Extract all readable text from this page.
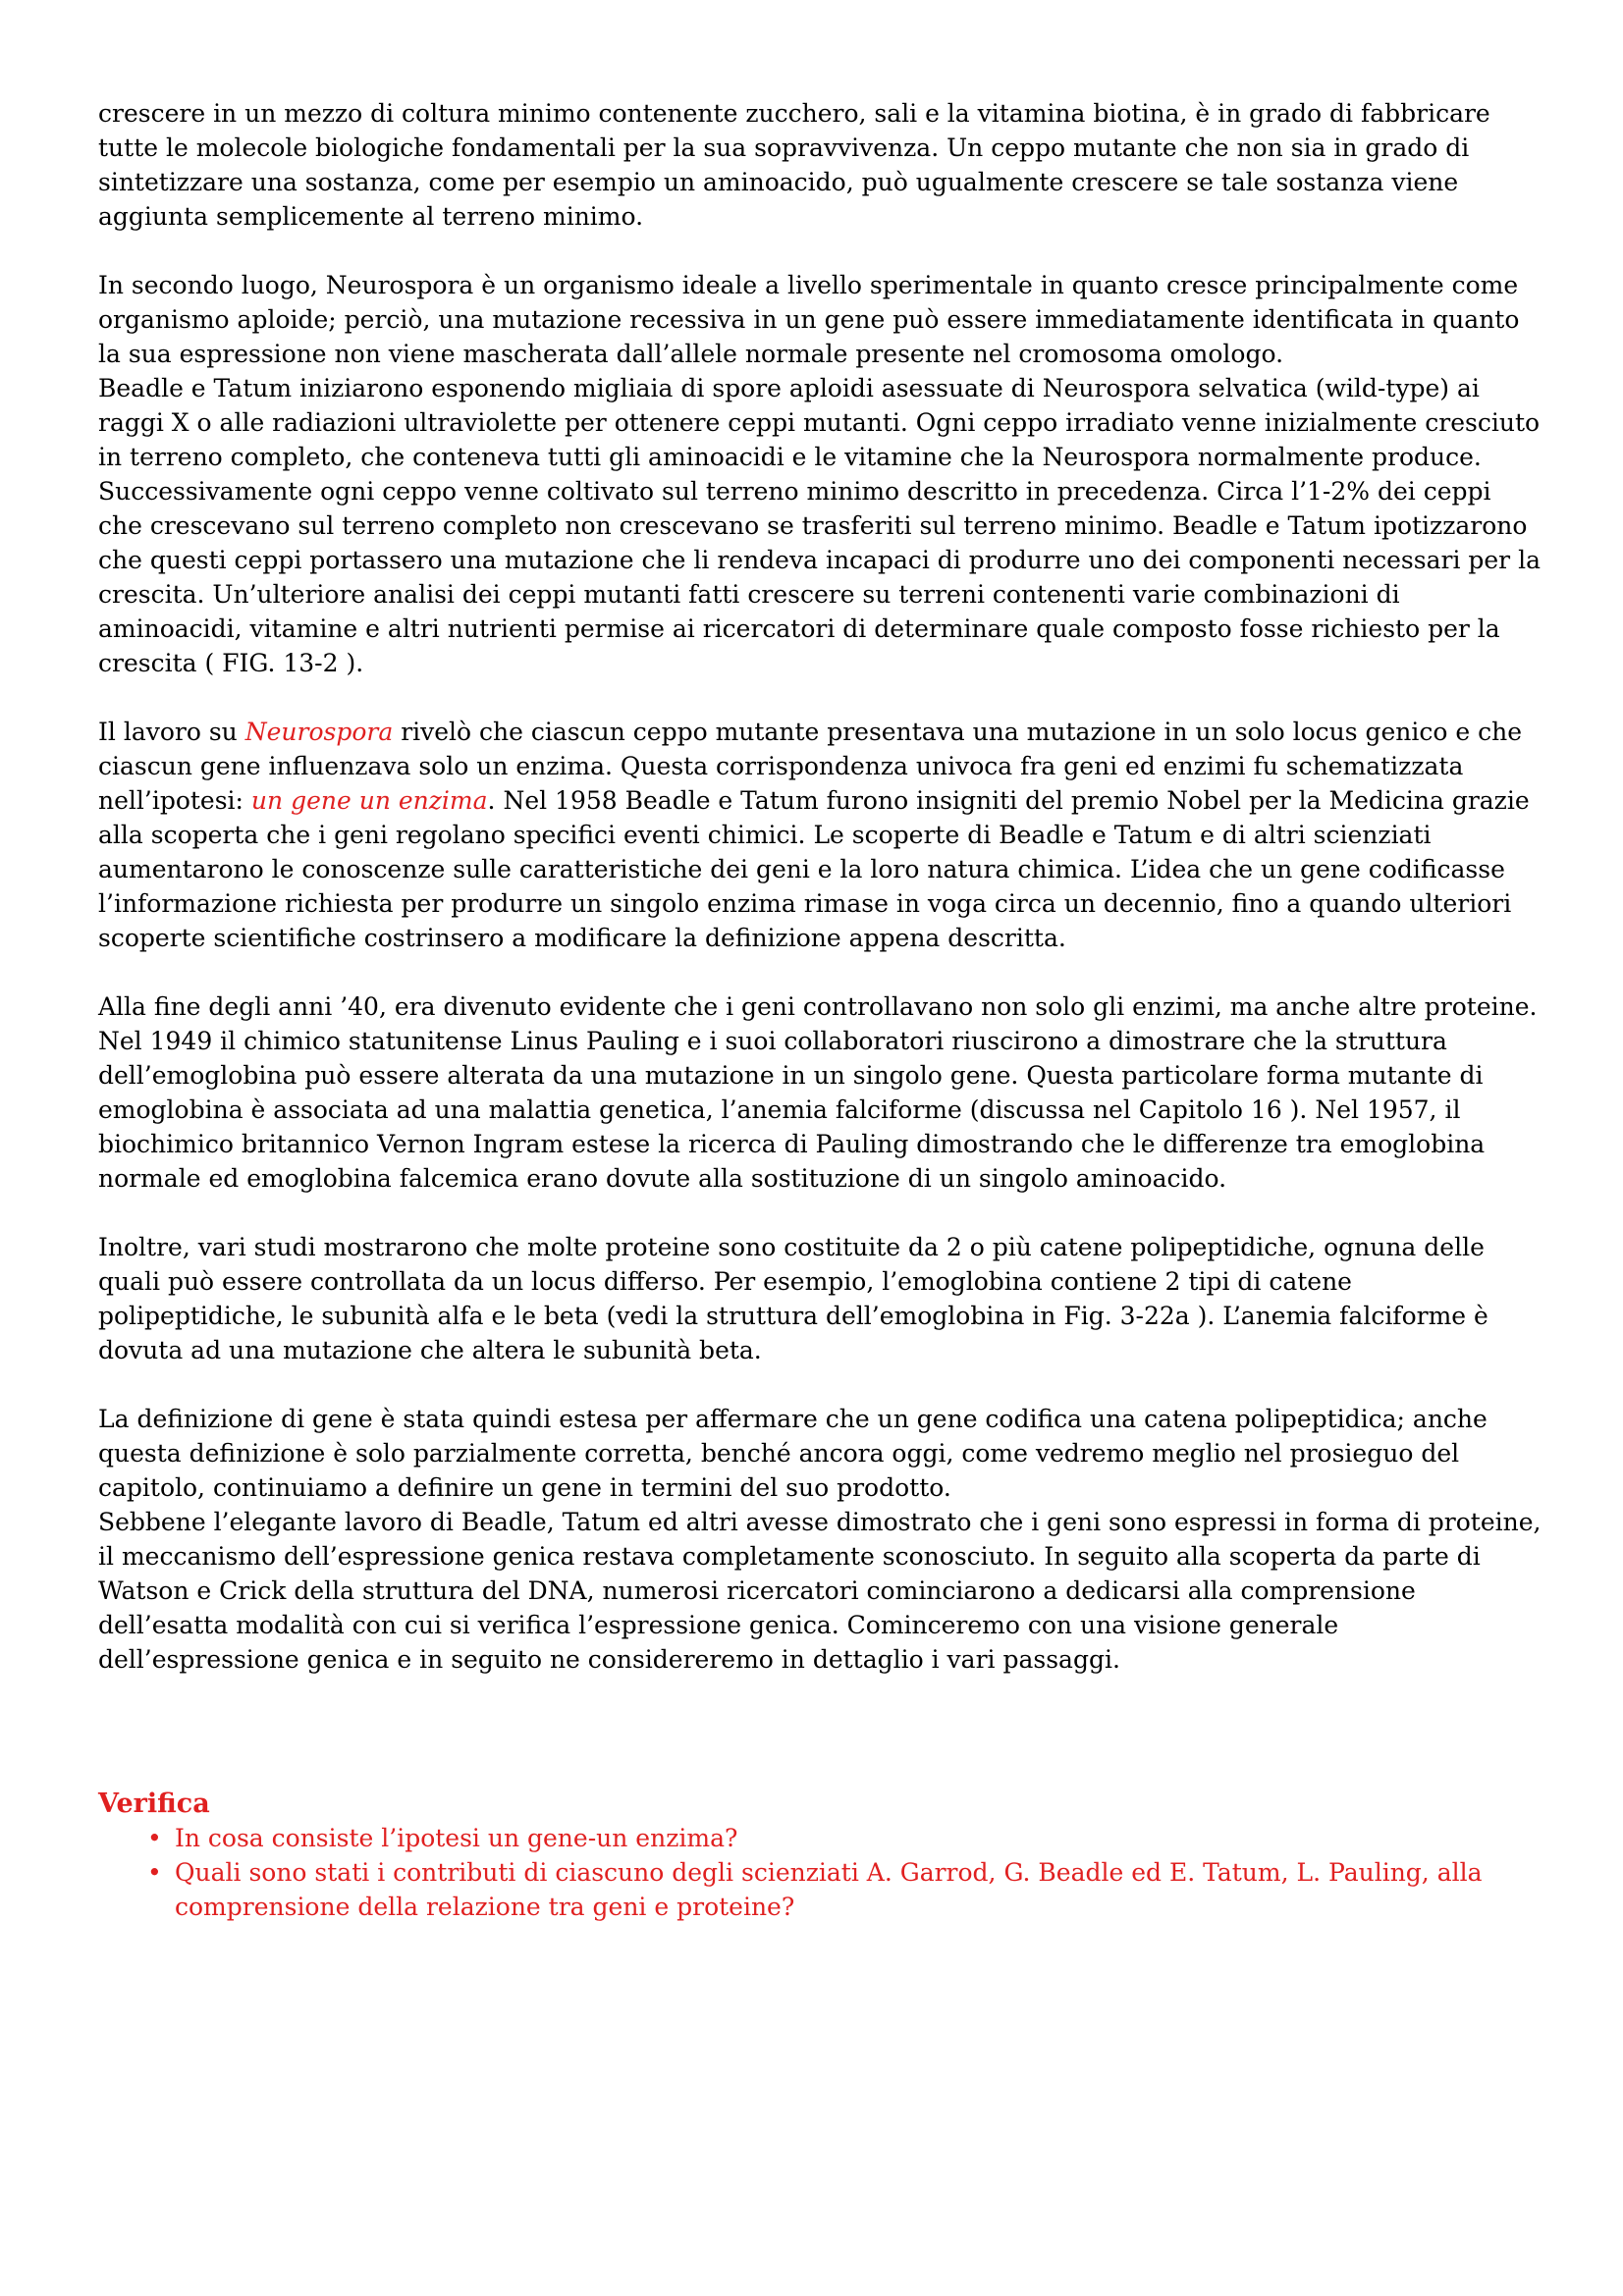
crescere in un mezzo di coltura minimo contenente zucchero, sali e la vitamina biotina, è in grado di fabbricare tutte le molecole biologiche fondamentali per la sua sopravvivenza. Un ceppo mutante che non sia in grado di sintetizzare una sostanza, come per esempio un aminoacido, può ugualmente crescere se tale sostanza viene aggiunta semplicemente al terreno minimo.

In secondo luogo, Neurospora è un organismo ideale a livello sperimentale in quanto cresce principalmente come organismo aploide; perciò, una mutazione recessiva in un gene può essere immediatamente identificata in quanto la sua espressione non viene mascherata dall’allele normale presente nel cromosoma omologo.

Beadle e Tatum iniziarono esponendo migliaia di spore aploidi asessuate di Neurospora selvatica (wild-type) ai raggi X o alle radiazioni ultraviolette per ottenere ceppi mutanti. Ogni ceppo irradiato venne inizialmente cresciuto in terreno completo, che conteneva tutti gli aminoacidi e le vitamine che la Neurospora normalmente produce. Successivamente ogni ceppo venne coltivato sul terreno minimo descritto in precedenza. Circa l’1-2% dei ceppi che crescevano sul terreno completo non crescevano se trasferiti sul terreno minimo. Beadle e Tatum ipotizzarono che questi ceppi portassero una mutazione che li rendeva incapaci di produrre uno dei componenti necessari per la crescita. Un’ulteriore analisi dei ceppi mutanti fatti crescere su terreni contenenti varie combinazioni di aminoacidi, vitamine e altri nutrienti permise ai ricercatori di determinare quale composto fosse richiesto per la crescita ( FIG. 13-2 ).

Il lavoro su Neurospora rivelò che ciascun ceppo mutante presentava una mutazione in un solo locus genico e che ciascun gene influenzava solo un enzima. Questa corrispondenza univoca fra geni ed enzimi fu schematizzata nell’ipotesi: un gene un enzima. Nel 1958 Beadle e Tatum furono insigniti del premio Nobel per la Medicina grazie alla scoperta che i geni regolano specifici eventi chimici. Le scoperte di Beadle e Tatum e di altri scienziati aumentarono le conoscenze sulle caratteristiche dei geni e la loro natura chimica. L’idea che un gene codificasse l’informazione richiesta per produrre un singolo enzima rimase in voga circa un decennio, fino a quando ulteriori scoperte scientifiche costrinsero a modificare la definizione appena descritta.

Alla fine degli anni ’40, era divenuto evidente che i geni controllavano non solo gli enzimi, ma anche altre proteine. Nel 1949 il chimico statunitense Linus Pauling e i suoi collaboratori riuscirono a dimostrare che la struttura dell’emoglobina può essere alterata da una mutazione in un singolo gene. Questa particolare forma mutante di emoglobina è associata ad una malattia genetica, l’anemia falciforme (discussa nel Capitolo 16 ). Nel 1957, il biochimico britannico Vernon Ingram estese la ricerca di Pauling dimostrando che le differenze tra emoglobina normale ed emoglobina falcemica erano dovute alla sostituzione di un singolo aminoacido.

Inoltre, vari studi mostrarono che molte proteine sono costituite da 2 o più catene polipeptidiche, ognuna delle quali può essere controllata da un locus differso. Per esempio, l’emoglobina contiene 2 tipi di catene polipeptidiche, le subunità alfa e le beta (vedi la struttura dell’emoglobina in Fig. 3-22a ). L’anemia falciforme è dovuta ad una mutazione che altera le subunità beta.

La definizione di gene è stata quindi estesa per affermare che un gene codifica una catena polipeptidica; anche questa definizione è solo parzialmente corretta, benché ancora oggi, come vedremo meglio nel prosieguo del capitolo, continuiamo a definire un gene in termini del suo prodotto.

Sebbene l’elegante lavoro di Beadle, Tatum ed altri avesse dimostrato che i geni sono espressi in forma di proteine, il meccanismo dell’espressione genica restava completamente sconosciuto. In seguito alla scoperta da parte di Watson e Crick della struttura del DNA, numerosi ricercatori cominciarono a dedicarsi alla comprensione dell’esatta modalità con cui si verifica l’espressione genica. Cominceremo con una visione generale dell’espressione genica e in seguito ne considereremo in dettaglio i vari passaggi.

Verifica

• In cosa consiste l’ipotesi un gene-un enzima?
• Quali sono stati i contributi di ciascuno degli scienziati A. Garrod, G. Beadle ed E. Tatum, L. Pauling, alla comprensione della relazione tra geni e proteine?
